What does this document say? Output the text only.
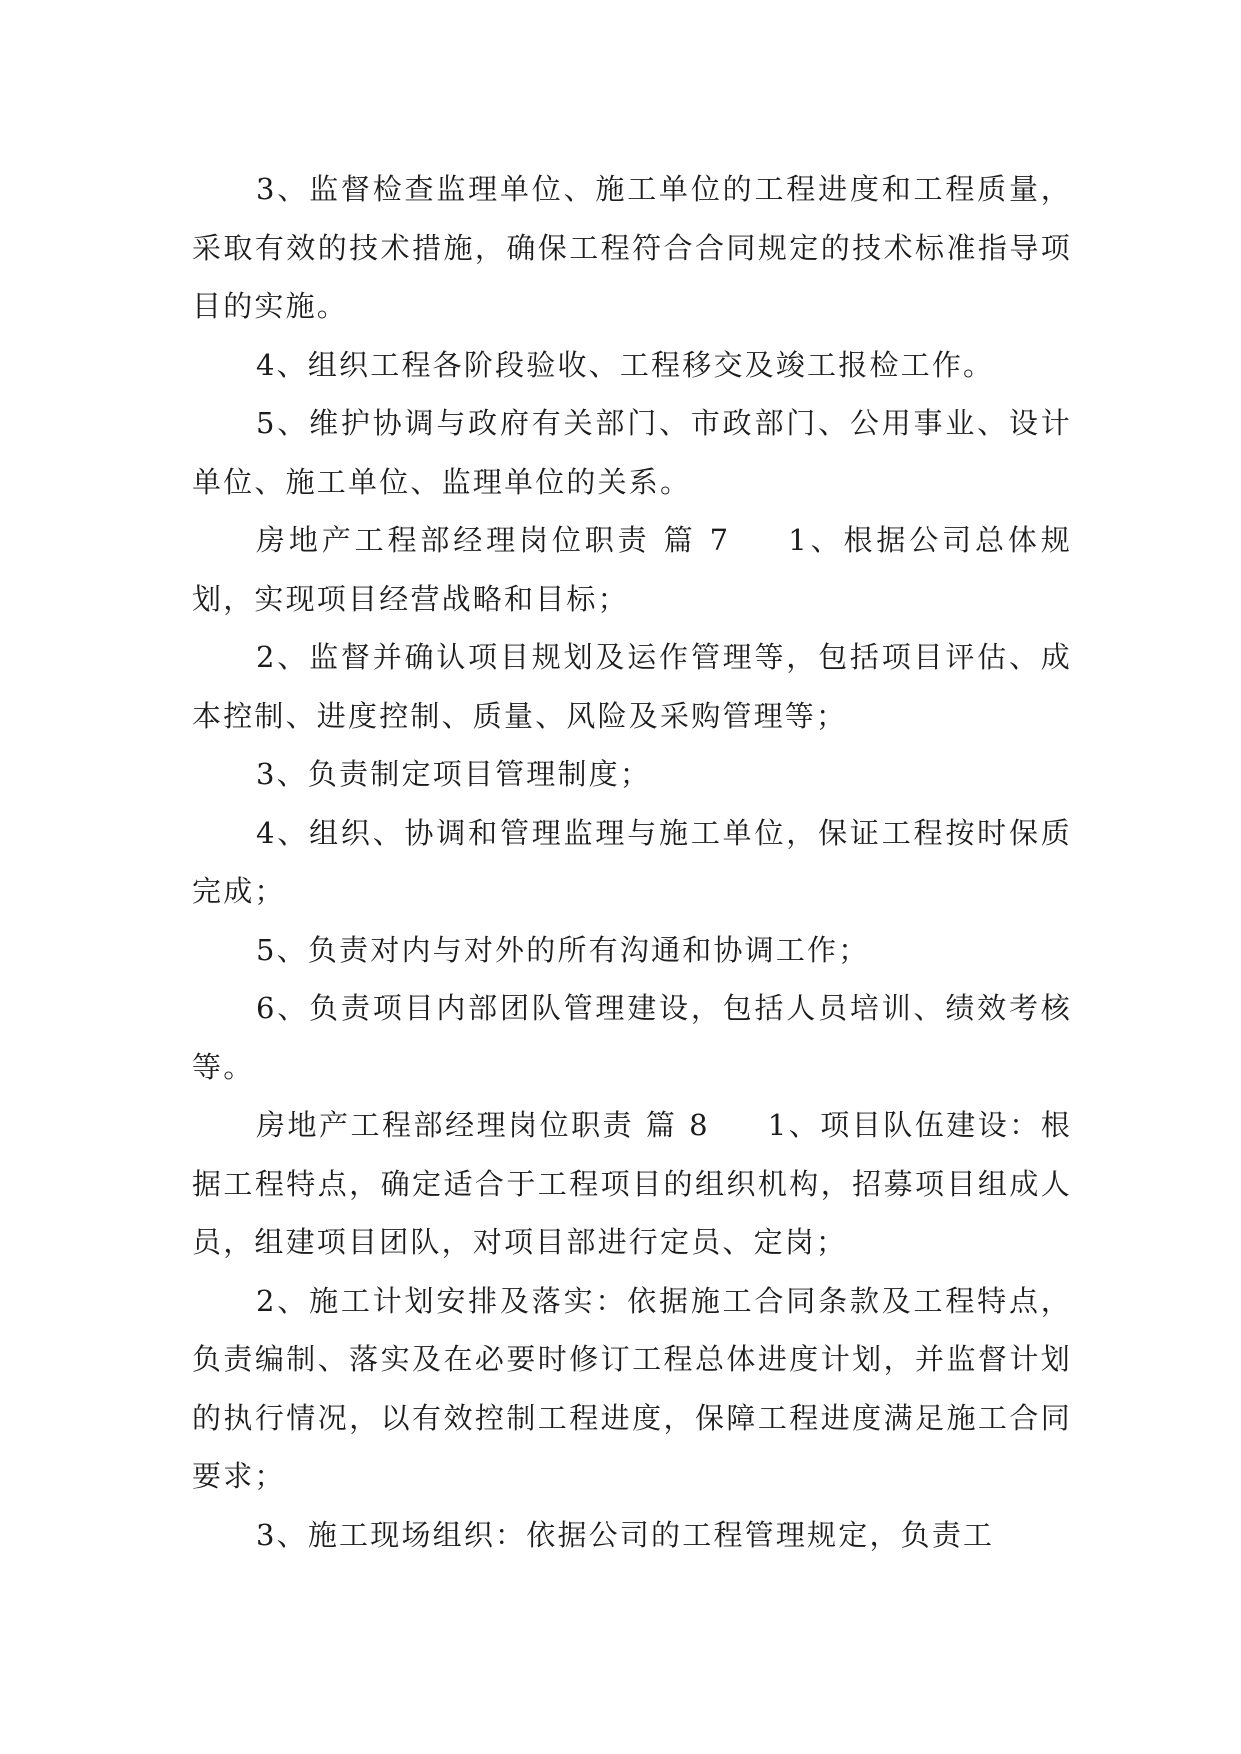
3、监督检查监理单位、施工单位的工程进度和工程质量，采取有效的技术措施，确保工程符合合同规定的技术标准指导项目的实施。

4、组织工程各阶段验收、工程移交及竣工报检工作。

5、维护协调与政府有关部门、市政部门、公用事业、设计单位、施工单位、监理单位的关系。

房地产工程部经理岗位职责 篇 7 1、根据公司总体规划，实现项目经营战略和目标；

2、监督并确认项目规划及运作管理等，包括项目评估、成本控制、进度控制、质量、风险及采购管理等；

3、负责制定项目管理制度；

4、组织、协调和管理监理与施工单位，保证工程按时保质完成；

5、负责对内与对外的所有沟通和协调工作；

6、负责项目内部团队管理建设，包括人员培训、绩效考核等。

房地产工程部经理岗位职责 篇 8 1、项目队伍建设：根据工程特点，确定适合于工程项目的组织机构，招募项目组成人员，组建项目团队，对项目部进行定员、定岗；

2、施工计划安排及落实：依据施工合同条款及工程特点，负责编制、落实及在必要时修订工程总体进度计划，并监督计划的执行情况，以有效控制工程进度，保障工程进度满足施工合同要求；

3、施工现场组织：依据公司的工程管理规定，负责工
